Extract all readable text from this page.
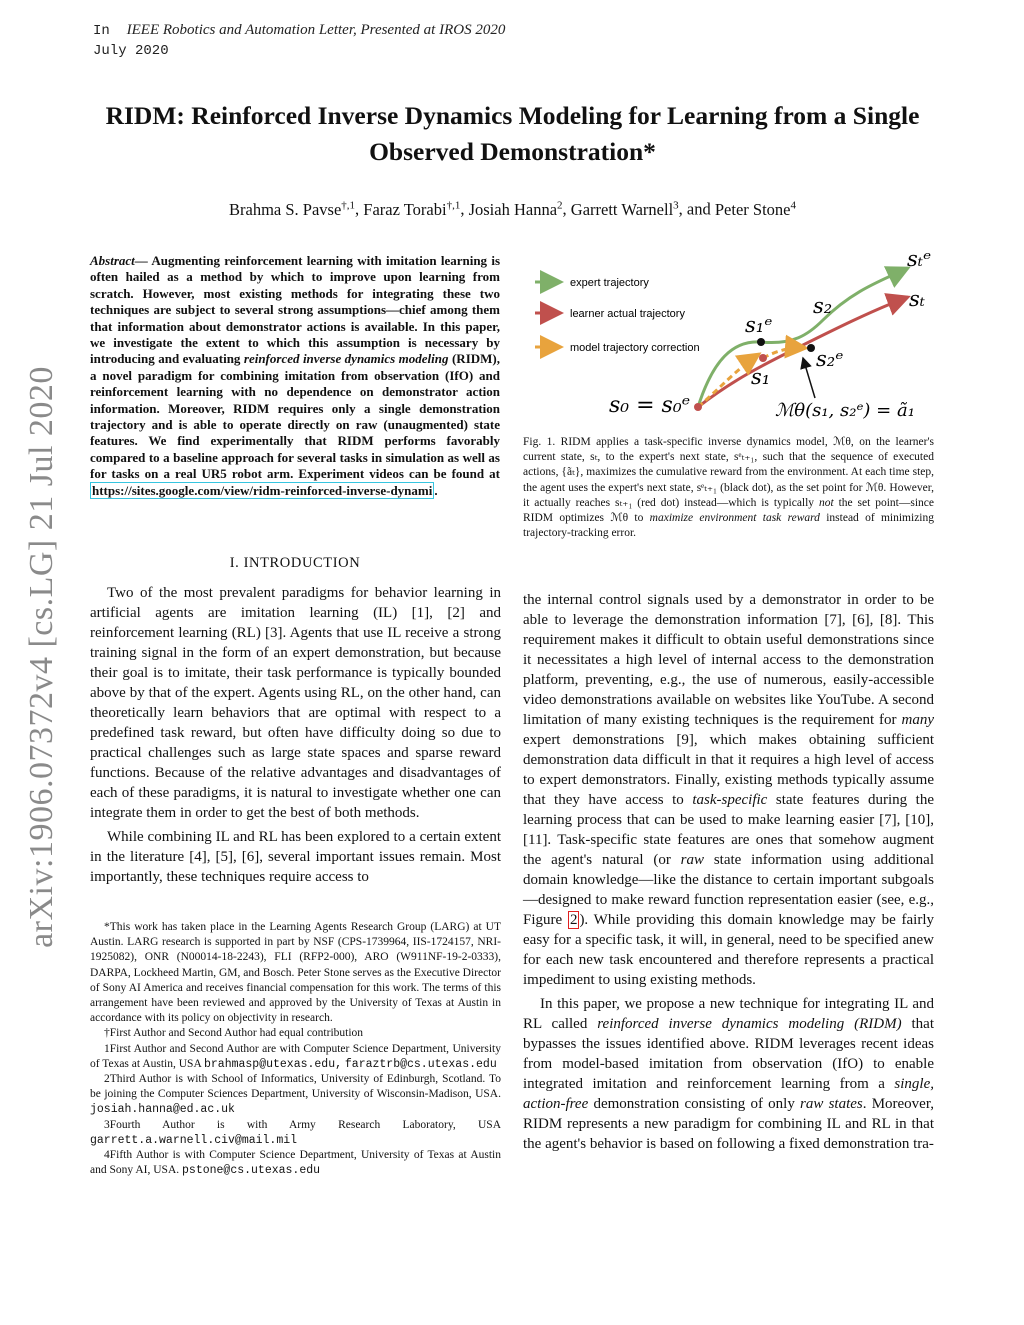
In IEEE Robotics and Automation Letter, Presented at IROS 2020
July 2020
arXiv:1906.07372v4 [cs.LG] 21 Jul 2020
RIDM: Reinforced Inverse Dynamics Modeling for Learning from a Single Observed Demonstration*
Brahma S. Pavse$^{\dagger,1}$, Faraz Torabi$^{\dagger,1}$, Josiah Hanna$^2$, Garrett Warnell$^3$, and Peter Stone$^4$
Abstract— Augmenting reinforcement learning with imitation learning is often hailed as a method by which to improve upon learning from scratch. However, most existing methods for integrating these two techniques are subject to several strong assumptions—chief among them that information about demonstrator actions is available. In this paper, we investigate the extent to which this assumption is necessary by introducing and evaluating reinforced inverse dynamics modeling (RIDM), a novel paradigm for combining imitation from observation (IfO) and reinforcement learning with no dependence on demonstrator action information. Moreover, RIDM requires only a single demonstration trajectory and is able to operate directly on raw (unaugmented) state features. We find experimentally that RIDM performs favorably compared to a baseline approach for several tasks in simulation as well as for tasks on a real UR5 robot arm. Experiment videos can be found at https://sites.google.com/view/ridm-reinforced-inverse-dynami .
I. INTRODUCTION

Two of the most prevalent paradigms for behavior learning in artificial agents are imitation learning (IL) [1], [2] and reinforcement learning (RL) [3]. Agents that use IL receive a strong training signal in the form of an expert demonstration, but because their goal is to imitate, their task performance is typically bounded above by that of the expert. Agents using RL, on the other hand, can theoretically learn behaviors that are optimal with respect to a predefined task reward, but often have difficulty doing so due to practical challenges such as large state spaces and sparse reward functions. Because of the relative advantages and disadvantages of each of these paradigms, it is natural to investigate whether one can integrate them in order to get the best of both methods.

While combining IL and RL has been explored to a certain extent in the literature [4], [5], [6], several important issues remain. Most importantly, these techniques require access to

*This work has taken place in the Learning Agents Research Group (LARG) at UT Austin. LARG research is supported in part by NSF (CPS-1739964, IIS-1724157, NRI-1925082), ONR (N00014-18-2243), FLI (RFP2-000), ARO (W911NF-19-2-0333), DARPA, Lockheed Martin, GM, and Bosch. Peter Stone serves as the Executive Director of Sony AI America and receives financial compensation for this work. The terms of this arrangement have been reviewed and approved by the University of Texas at Austin in accordance with its policy on objectivity in research.

†First Author and Second Author had equal contribution

1First Author and Second Author are with Computer Science Department, University of Texas at Austin, USA brahmasp@utexas.edu, faraztrb@cs.utexas.edu

2Third Author is with School of Informatics, University of Edinburgh, Scotland. To be joining the Computer Sciences Department, University of Wisconsin-Madison, USA. josiah.hanna@ed.ac.uk

3Fourth Author is with Army Research Laboratory, USA garrett.a.warnell.civ@mail.mil

4Fifth Author is with Computer Science Department, University of Texas at Austin and Sony AI, USA. pstone@cs.utexas.edu

expert trajectory
learner actual trajectory
model trajectory correction
s₀ = s₀ᵉ
s₁ᵉ
s₁
s₂
s₂ᵉ
sₜᵉ
sₜ
ℳθ(s₁, s₂ᵉ) = ã₁
Fig. 1. RIDM applies a task-specific inverse dynamics model, ℳθ, on the learner's current state, sₜ, to the expert's next state, sᵉₜ₊₁, such that the sequence of executed actions, {ãₜ}, maximizes the cumulative reward from the environment. At each time step, the agent uses the expert's next state, sᵉₜ₊₁ (black dot), as the set point for ℳθ. However, it actually reaches sₜ₊₁ (red dot) instead—which is typically not the set point—since RIDM optimizes ℳθ to maximize environment task reward instead of minimizing trajectory-tracking error.

the internal control signals used by a demonstrator in order to be able to leverage the demonstration information [7], [6], [8]. This requirement makes it difficult to obtain useful demonstrations since it necessitates a high level of internal access to the demonstration platform, preventing, e.g., the use of numerous, easily-accessible video demonstrations available on websites like YouTube. A second limitation of many existing techniques is the requirement for many expert demonstrations [9], which makes obtaining sufficient demonstration data difficult in that it requires a high level of access to expert demonstrators. Finally, existing methods typically assume that they have access to task-specific state features during the learning process that can be used to make learning easier [7], [10], [11]. Task-specific state features are ones that somehow augment the agent's natural (or raw state information using additional domain knowledge—like the distance to certain important subgoals—designed to make reward function representation easier (see, e.g., Figure 2 ). While providing this domain knowledge may be fairly easy for a specific task, it will, in general, need to be specified anew for each new task encountered and therefore represents a practical impediment to using existing methods.

In this paper, we propose a new technique for integrating IL and RL called reinforced inverse dynamics modeling (RIDM) that bypasses the issues identified above. RIDM leverages recent ideas from model-based imitation from observation (IfO) to enable integrated imitation and reinforcement learning from a single, action-free demonstration consisting of only raw states. Moreover, RIDM represents a new paradigm for combining IL and RL in that the agent's behavior is based on following a fixed demonstration tra-
